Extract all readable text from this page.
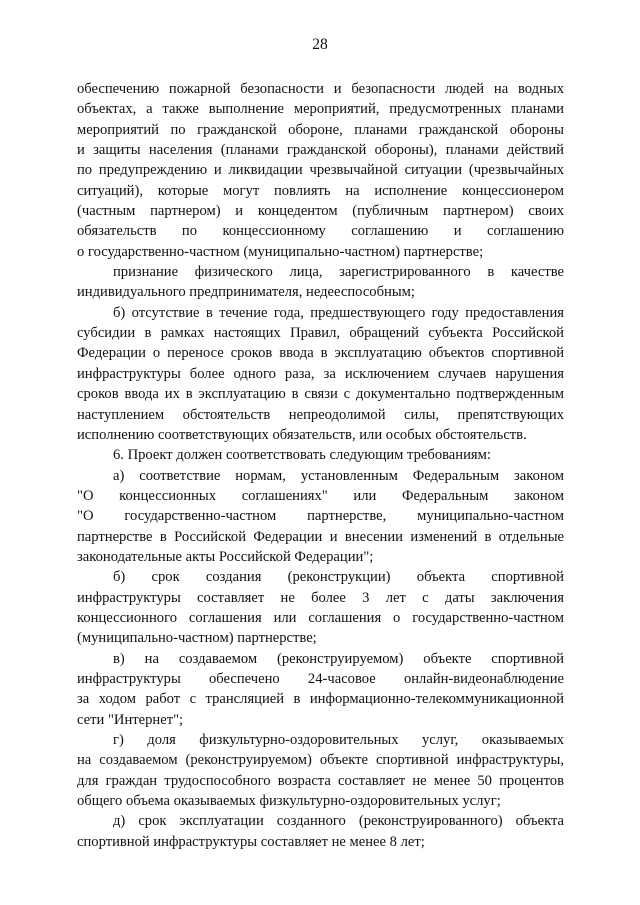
28
обеспечению пожарной безопасности и безопасности людей на водных
объектах, а также выполнение мероприятий, предусмотренных планами
мероприятий по гражданской обороне, планами гражданской обороны
и защиты населения (планами гражданской обороны), планами действий
по предупреждению и ликвидации чрезвычайной ситуации (чрезвычайных
ситуаций), которые могут повлиять на исполнение концессионером
(частным партнером) и концедентом (публичным партнером) своих
обязательств по концессионному соглашению и соглашению
о государственно-частном (муниципально-частном) партнерстве;
признание физического лица, зарегистрированного в качестве
индивидуального предпринимателя, недееспособным;
б) отсутствие в течение года, предшествующего году предоставления
субсидии в рамках настоящих Правил, обращений субъекта Российской
Федерации о переносе сроков ввода в эксплуатацию объектов спортивной
инфраструктуры более одного раза, за исключением случаев нарушения
сроков ввода их в эксплуатацию в связи с документально подтвержденным
наступлением обстоятельств непреодолимой силы, препятствующих
исполнению соответствующих обязательств, или особых обстоятельств.
6. Проект должен соответствовать следующим требованиям:
а) соответствие нормам, установленным Федеральным законом
"О концессионных соглашениях" или Федеральным законом
"О государственно-частном партнерстве, муниципально-частном
партнерстве в Российской Федерации и внесении изменений в отдельные
законодательные акты Российской Федерации";
б) срок создания (реконструкции) объекта спортивной
инфраструктуры составляет не более 3 лет с даты заключения
концессионного соглашения или соглашения о государственно-частном
(муниципально-частном) партнерстве;
в) на создаваемом (реконструируемом) объекте спортивной
инфраструктуры обеспечено 24-часовое онлайн-видеонаблюдение
за ходом работ с трансляцией в информационно-телекоммуникационной
сети "Интернет";
г) доля физкультурно-оздоровительных услуг, оказываемых
на создаваемом (реконструируемом) объекте спортивной инфраструктуры,
для граждан трудоспособного возраста составляет не менее 50 процентов
общего объема оказываемых физкультурно-оздоровительных услуг;
д) срок эксплуатации созданного (реконструированного) объекта
спортивной инфраструктуры составляет не менее 8 лет;
